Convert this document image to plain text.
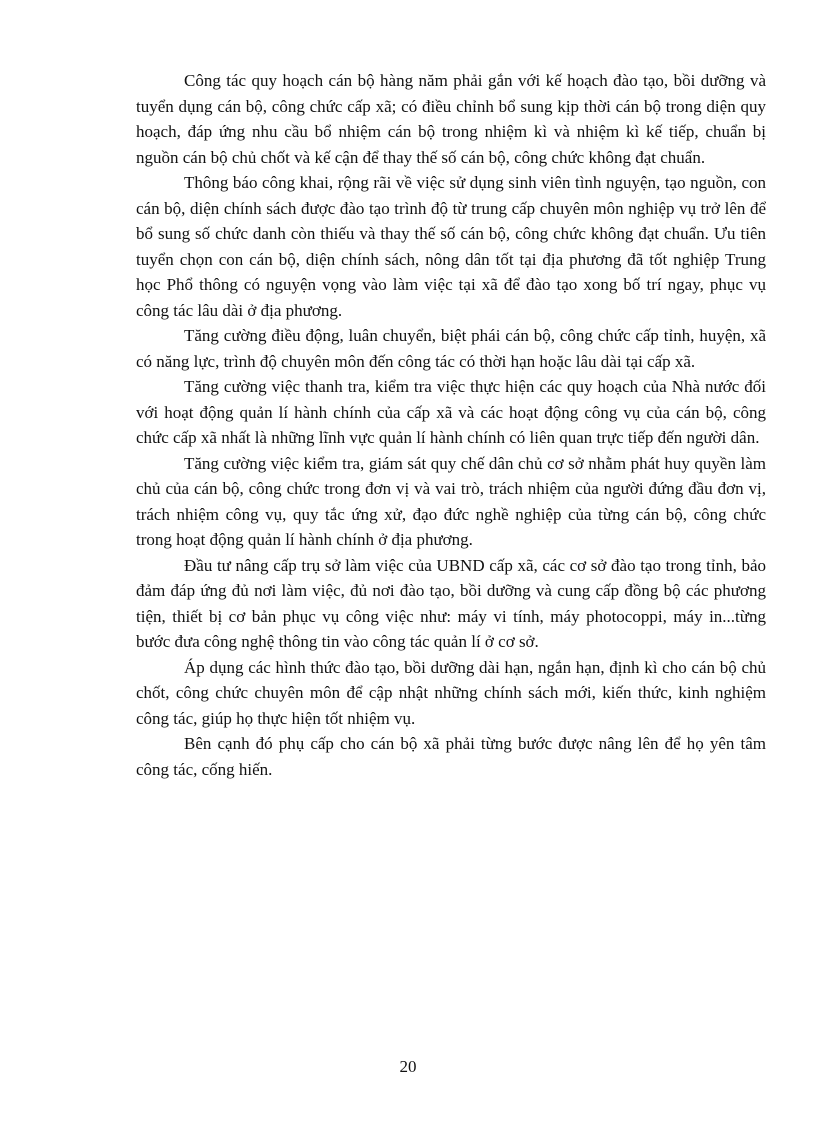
Công tác quy hoạch cán bộ hàng năm phải gắn với kế hoạch đào tạo, bồi dưỡng và tuyển dụng cán bộ, công chức cấp xã; có điều chỉnh bổ sung kịp thời cán bộ trong diện quy hoạch, đáp ứng nhu cầu bổ nhiệm cán bộ trong nhiệm kì và nhiệm kì kế tiếp, chuẩn bị nguồn cán bộ chủ chốt và kế cận để thay thế số cán bộ, công chức không đạt chuẩn.

Thông báo công khai, rộng rãi về việc sử dụng sinh viên tình nguyện, tạo nguồn, con cán bộ, diện chính sách được đào tạo trình độ từ trung cấp chuyên môn nghiệp vụ trở lên để bổ sung số chức danh còn thiếu và thay thế số cán bộ, công chức không đạt chuẩn. Ưu tiên tuyển chọn con cán bộ, diện chính sách, nông dân tốt tại địa phương đã tốt nghiệp Trung học Phổ thông có nguyện vọng vào làm việc tại xã để đào tạo xong bố trí ngay, phục vụ công tác lâu dài ở địa phương.

Tăng cường điều động, luân chuyển, biệt phái cán bộ, công chức cấp tỉnh, huyện, xã có năng lực, trình độ chuyên môn đến công tác có thời hạn hoặc lâu dài tại cấp xã.

Tăng cường việc thanh tra, kiểm tra việc thực hiện các quy hoạch của Nhà nước đối với hoạt động quản lí hành chính của cấp xã và các hoạt động công vụ của cán bộ, công chức cấp xã nhất là những lĩnh vực quản lí hành chính có liên quan trực tiếp đến người dân.

Tăng cường việc kiểm tra, giám sát quy chế dân chủ cơ sở nhằm phát huy quyền làm chủ của cán bộ, công chức trong đơn vị và vai trò, trách nhiệm của người đứng đầu đơn vị, trách nhiệm công vụ, quy tắc ứng xử, đạo đức nghề nghiệp của từng cán bộ, công chức trong hoạt động quản lí hành chính ở địa phương.

Đầu tư nâng cấp trụ sở làm việc của UBND cấp xã, các cơ sở đào tạo trong tỉnh, bảo đảm đáp ứng đủ nơi làm việc, đủ nơi đào tạo, bồi dưỡng và cung cấp đồng bộ các phương tiện, thiết bị cơ bản phục vụ công việc như: máy vi tính, máy photocoppi, máy in...từng bước đưa công nghệ thông tin vào công tác quản lí ở cơ sở.

Áp dụng các hình thức đào tạo, bồi dưỡng dài hạn, ngắn hạn, định kì cho cán bộ chủ chốt, công chức chuyên môn để cập nhật những chính sách mới, kiến thức, kinh nghiệm công tác, giúp họ thực hiện tốt nhiệm vụ.

Bên cạnh đó phụ cấp cho cán bộ xã phải từng bước được nâng lên để họ yên tâm công tác, cống hiến.

20
